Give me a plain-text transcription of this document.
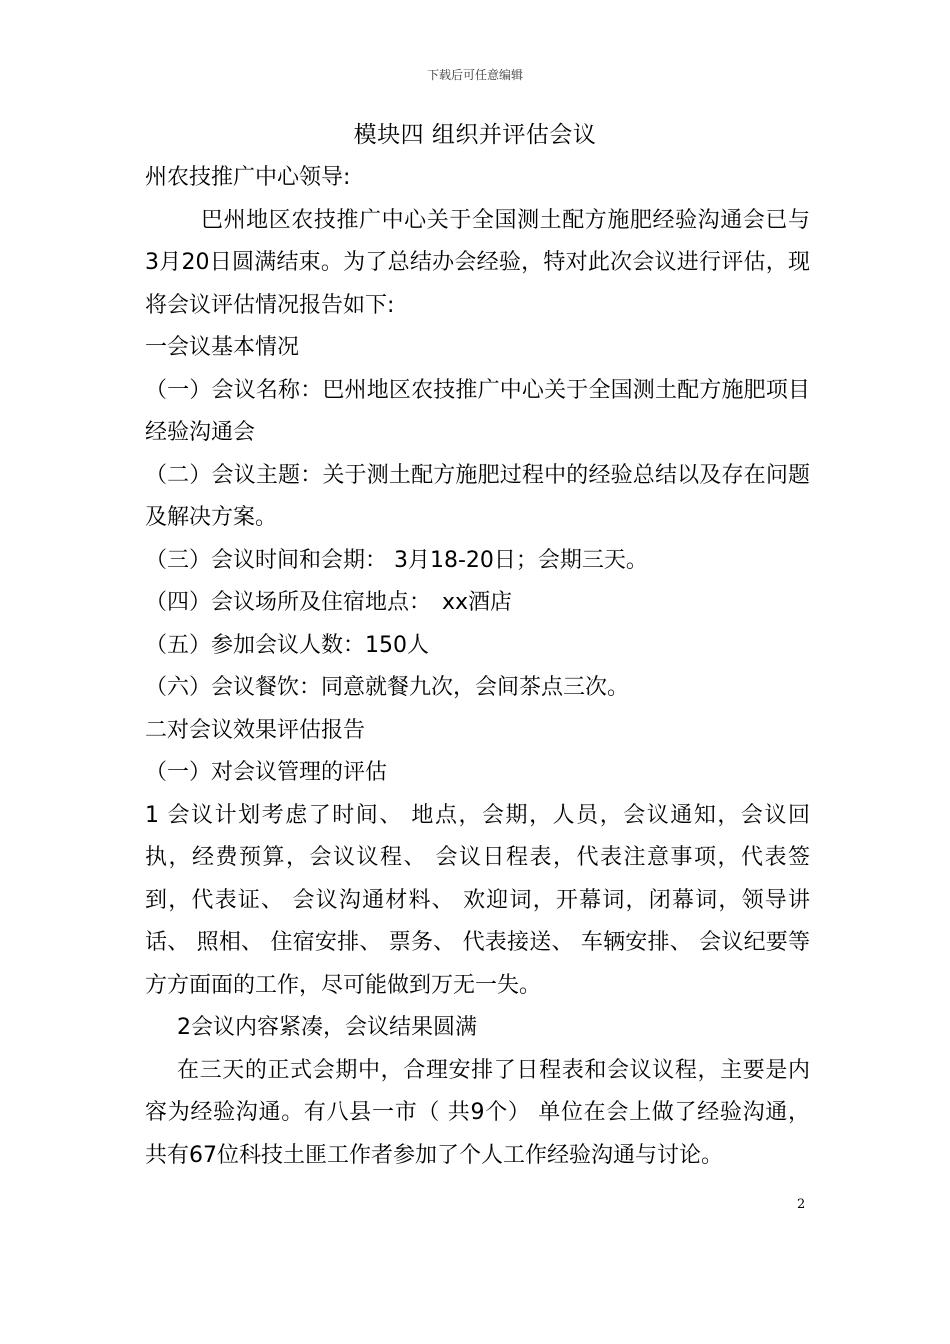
下载后可任意编辑
模块四 组织并评估会议

州农技推广中心领导:

巴州地区农技推广中心关于全国测土配方施肥经验沟通会已与 3月20日圆满结束。为了总结办会经验，特对此次会议进行评估，现将会议评估情况报告如下:

一会议基本情况

（一）会议名称：巴州地区农技推广中心关于全国测土配方施肥项目经验沟通会

（二）会议主题：关于测土配方施肥过程中的经验总结以及存在问题及解决方案。

（三）会议时间和会期： 3月18-20日；会期三天。

（四）会议场所及住宿地点：　xx酒店

（五）参加会议人数：150人

（六）会议餐饮：同意就餐九次，会间茶点三次。

二对会议效果评估报告

（一）对会议管理的评估

1 会议计划考虑了时间、 地点，会期，人员，会议通知，会议回执，经费预算，会议议程、 会议日程表，代表注意事项，代表签到，代表证、 会议沟通材料、 欢迎词，开幕词，闭幕词，领导讲话、 照相、 住宿安排、 票务、 代表接送、 车辆安排、 会议纪要等方方面面的工作，尽可能做到万无一失。

2会议内容紧凑，会议结果圆满

在三天的正式会期中，合理安排了日程表和会议议程，主要是内容为经验沟通。有八县一市（ 共9个） 单位在会上做了经验沟通，共有67位科技土匪工作者参加了个人工作经验沟通与讨论。

2
